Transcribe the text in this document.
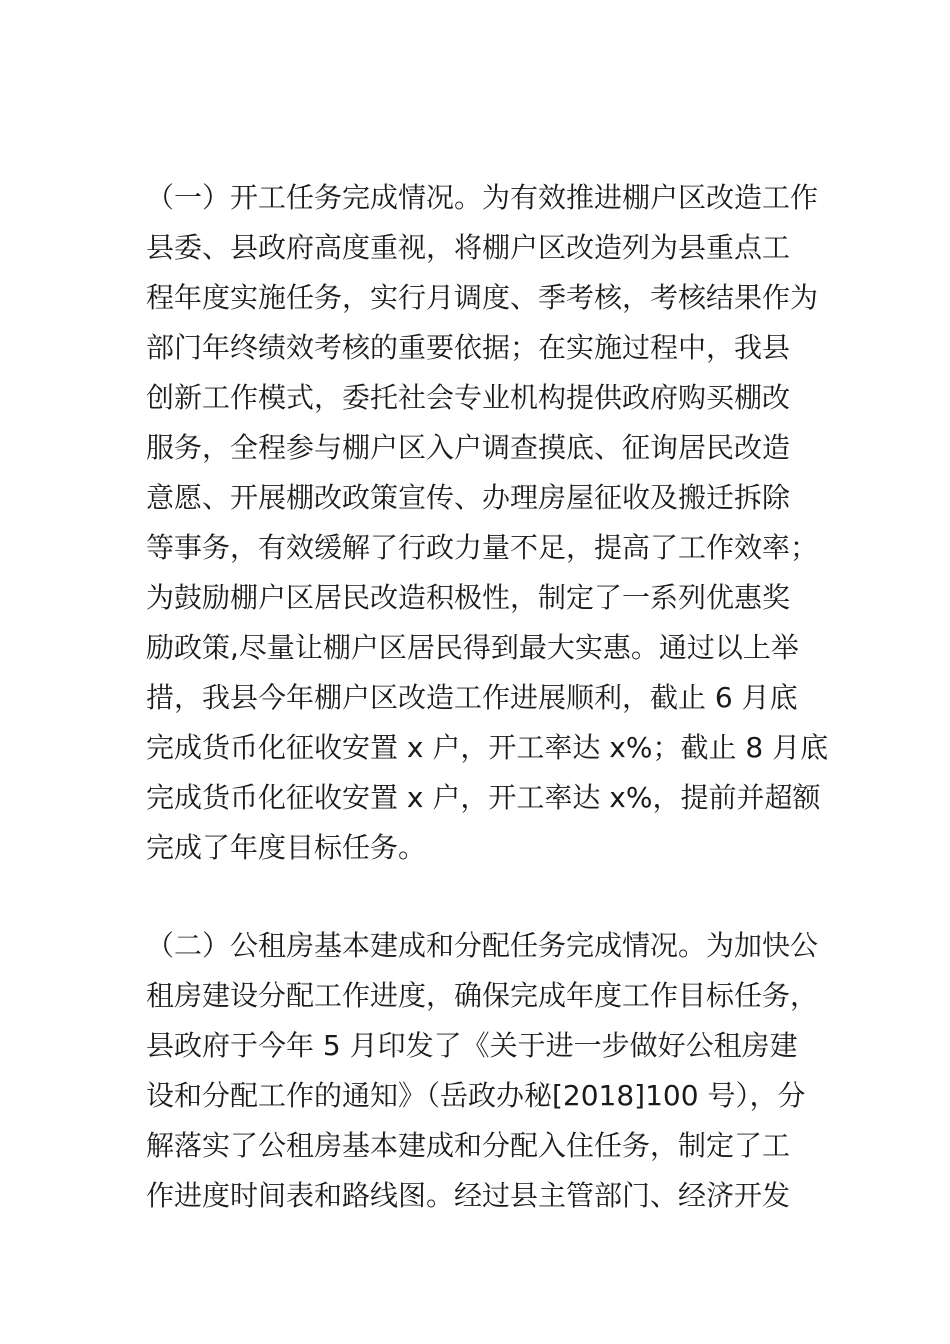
（一）开工任务完成情况。为有效推进棚户区改造工作
县委、县政府高度重视，将棚户区改造列为县重点工
程年度实施任务，实行月调度、季考核，考核结果作为
部门年终绩效考核的重要依据；在实施过程中，我县
创新工作模式，委托社会专业机构提供政府购买棚改
服务，全程参与棚户区入户调查摸底、征询居民改造
意愿、开展棚改政策宣传、办理房屋征收及搬迁拆除
等事务，有效缓解了行政力量不足，提高了工作效率；
为鼓励棚户区居民改造积极性，制定了一系列优惠奖
励政策,尽量让棚户区居民得到最大实惠。通过以上举
措，我县今年棚户区改造工作进展顺利，截止 6 月底
完成货币化征收安置 x 户，开工率达 x%；截止 8 月底
完成货币化征收安置 x 户，开工率达 x%，提前并超额
完成了年度目标任务。
（二）公租房基本建成和分配任务完成情况。为加快公
租房建设分配工作进度，确保完成年度工作目标任务，
县政府于今年 5 月印发了《关于进一步做好公租房建
设和分配工作的通知》（岳政办秘[2018]100 号），分
解落实了公租房基本建成和分配入住任务，制定了工
作进度时间表和路线图。经过县主管部门、经济开发
